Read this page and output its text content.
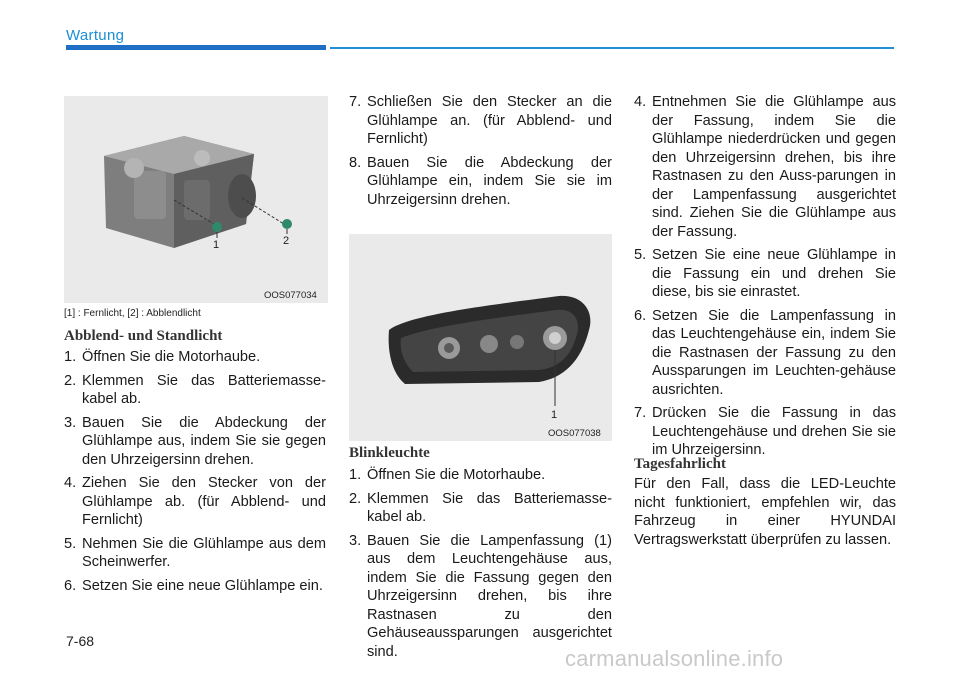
Wartung
1	2
OOS077034
[1] : Fernlicht, [2] : Abblendlicht
Abblend- und Standlicht
1. Öffnen Sie die Motorhaube.
2. Klemmen Sie das Batteriemasse-kabel ab.
3. Bauen Sie die Abdeckung der Glühlampe aus, indem Sie sie gegen den Uhrzeigersinn drehen.
4. Ziehen Sie den Stecker von der Glühlampe ab. (für Abblend- und Fernlicht)
5. Nehmen Sie die Glühlampe aus dem Scheinwerfer.
6. Setzen Sie eine neue Glühlampe ein.
7. Schließen Sie den Stecker an die Glühlampe an. (für Abblend- und Fernlicht)
8. Bauen Sie die Abdeckung der Glühlampe ein, indem Sie sie im Uhrzeigersinn drehen.
1
OOS077038
Blinkleuchte
1. Öffnen Sie die Motorhaube.
2. Klemmen Sie das Batteriemasse-kabel ab.
3. Bauen Sie die Lampenfassung (1) aus dem Leuchtengehäuse aus, indem Sie die Fassung gegen den Uhrzeigersinn drehen, bis ihre Rastnasen zu den Gehäuseaussparungen ausgerichtet sind.
4. Entnehmen Sie die Glühlampe aus der Fassung, indem Sie die Glühlampe niederdrücken und gegen den Uhrzeigersinn drehen, bis ihre Rastnasen zu den Auss-parungen in der Lampenfassung ausgerichtet sind. Ziehen Sie die Glühlampe aus der Fassung.
5. Setzen Sie eine neue Glühlampe in die Fassung ein und drehen Sie diese, bis sie einrastet.
6. Setzen Sie die Lampenfassung in das Leuchtengehäuse ein, indem Sie die Rastnasen der Fassung zu den Aussparungen im Leuchten-gehäuse ausrichten.
7. Drücken Sie die Fassung in das Leuchtengehäuse und drehen Sie sie im Uhrzeigersinn.
Tagesfahrlicht

Für den Fall, dass die LED-Leuchte nicht funktioniert, empfehlen wir, das Fahrzeug in einer HYUNDAI Vertragswerkstatt überprüfen zu lassen.

7-68
carmanualsonline.info
